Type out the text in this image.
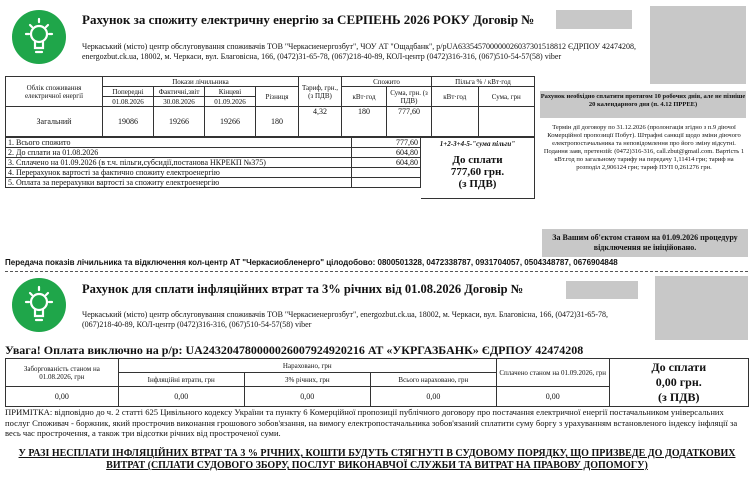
Рахунок за спожиту електричну енергію за СЕРПЕНЬ 2026 РОКУ Договір №
Черкаський (місто) центр обслуговування споживачів ТОВ "Черкасиенергозбут", ЧОУ АТ "Ощадбанк", р/рUA633545700000026037301518812 ЄДРПОУ 42474208, energozbut.ck.ua, 18002, м. Черкаси, вул. Благовісна, 166, (0472)31-65-78, (067)218-40-89, КОЛ-центр (0472)316-316, (067)510-54-57(58) viber
Облік споживання електричної енергії	Покази лічильника				Тариф, грн., (з ПДВ)	Спожито		Пільга % / кВт·год	
	Попередні	Фактичні,звіт	Кінцеві	Різниця		кВт·год	Сума, грн. (з ПДВ)	кВт·год	Сума, грн
	01.08.2026	30.08.2026	01.09.2026						
Загальний	19086	19266	19266	180	4,32	180	777,60		
1. Всього спожито	777,60
2. До сплати на 01.08.2026	604,80
3. Сплачено на 01.09.2026 (в т.ч. пільги,субсидії,постанова НКРЕКП №375)	604,80
4. Перерахунок вартості за фактично спожиту електроенергію	
5. Оплата за перерахунки вартості за спожиту електроенергію	
1+2-3+4-5-"сума пільги"
До сплати
777,60 грн.
(з ПДВ)
Рахунок необхідно сплатити протягом 10 робочих днів, але не пізніше 20 календарного дня (п. 4.12 ПРРЕЕ)
Термін дії договору по 31.12.2026 (пролонгація згідно з п.9 діючої Комерційної пропозиції Побут). Штрафні санкції щодо зміни діючого електропостачальника та неповідомлення про його зміну відсутні. Подання заяв, претензій: (0472)316-316, call.zbut@gmail.com. Вартість 1 кВт.год по загальному тарифу на передачу 1,11414 грн; тариф на розподіл 2,906124 грн; тариф ПУП 0,261276 грн.
За Вашим об'єктом станом на 01.09.2026 процедуру відключення не ініційовано.
Передача показів лічильника та відключення кол-центр АТ "Черкасиобленерго" цілодобово: 0800501328, 0472338787, 0931704057, 0504348787, 0676904848
Рахунок для сплати інфляційних втрат та 3% річних від 01.08.2026 Договір №
Черкаський (місто) центр обслуговування споживачів ТОВ "Черкасиенергозбут", energozbut.ck.ua, 18002, м. Черкаси, вул. Благовісна, 166, (0472)31-65-78, (067)218-40-89, КОЛ-центр (0472)316-316, (067)510-54-57(58) viber
Увага! Оплата виключно на р/р: UA243204780000026007924920216 АТ «УКРГАЗБАНК» ЄДРПОУ 42474208
Заборгованість станом на 01.08.2026, грн	Нараховано, грн			Сплачено станом на 01.09.2026, грн	До сплати
0,00 грн.
(з ПДВ)

	Інфляційні втрати, грн	3% річних, грн	Всього нараховано, грн		
0,00	0,00	0,00	0,00	0,00	
ПРИМІТКА: відповідно до ч. 2 статті 625 Цивільного кодексу України та пункту 6 Комерційної пропозиції публічного договору про постачання електричної енергії постачальником універсальних послуг Споживач - боржник, який прострочив виконання грошового зобов'язання, на вимогу електропостачальника зобов'язаний сплатити суму боргу з урахуванням встановленого індексу інфляції за весь час прострочення, а також три відсотки річних від простроченої суми.
У РАЗІ НЕСПЛАТИ ІНФЛЯЦІЙНИХ ВТРАТ ТА 3 % РІЧНИХ, КОШТИ БУДУТЬ СТЯГНУТІ В СУДОВОМУ ПОРЯДКУ, ЩО ПРИЗВЕДЕ ДО ДОДАТКОВИХ ВИТРАТ (СПЛАТИ СУДОВОГО ЗБОРУ, ПОСЛУГ ВИКОНАВЧОЇ СЛУЖБИ ТА ВИТРАТ НА ПРАВОВУ ДОПОМОГУ)
